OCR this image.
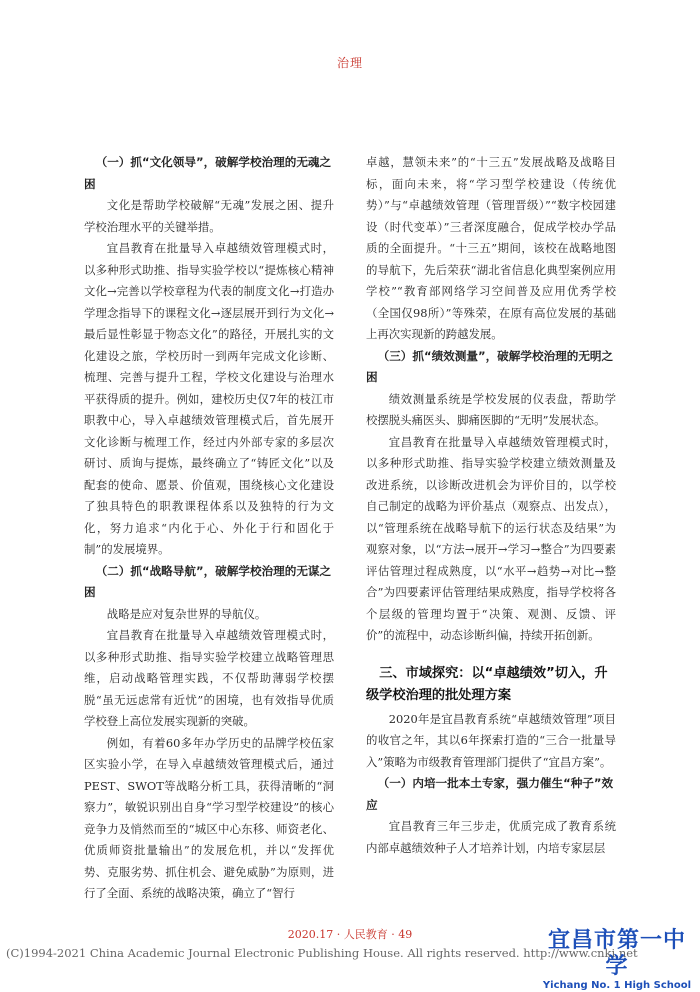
治理
（一）抓“文化领导”，破解学校治理的无魂之困

文化是帮助学校破解“无魂”发展之困、提升学校治理水平的关键举措。

宜昌教育在批量导入卓越绩效管理模式时，以多种形式助推、指导实验学校以“提炼核心精神文化→完善以学校章程为代表的制度文化→打造办学理念指导下的课程文化→逐层展开到行为文化→最后显性彰显于物态文化”的路径，开展扎实的文化建设之旅，学校历时一到两年完成文化诊断、梳理、完善与提升工程，学校文化建设与治理水平获得质的提升。例如，建校历史仅7年的枝江市职教中心，导入卓越绩效管理模式后，首先展开文化诊断与梳理工作，经过内外部专家的多层次研讨、质询与提炼，最终确立了“铸匠文化”以及配套的使命、愿景、价值观，围绕核心文化建设了独具特色的职教课程体系以及独特的行为文化，努力追求“内化于心、外化于行和固化于制”的发展境界。

（二）抓“战略导航”，破解学校治理的无谋之困

战略是应对复杂世界的导航仪。

宜昌教育在批量导入卓越绩效管理模式时，以多种形式助推、指导实验学校建立战略管理思维，启动战略管理实践，不仅帮助薄弱学校摆脱“虽无远虑常有近忧”的困境，也有效指导优质学校登上高位发展实现新的突破。

例如，有着60多年办学历史的品牌学校伍家区实验小学，在导入卓越绩效管理模式后，通过PEST、SWOT等战略分析工具，获得清晰的“洞察力”，敏锐识别出自身“学习型学校建设”的核心竞争力及悄然而至的“城区中心东移、师资老化、优质师资批量输出”的发展危机，并以“发挥优势、克服劣势、抓住机会、避免威胁”为原则，进行了全面、系统的战略决策，确立了“智行

卓越，慧领未来”的“十三五”发展战略及战略目标，面向未来，将“学习型学校建设（传统优势）”与“卓越绩效管理（管理晋级）”“数字校园建设（时代变革）”三者深度融合，促成学校办学品质的全面提升。“十三五”期间，该校在战略地图的导航下，先后荣获“湖北省信息化典型案例应用学校”“教育部网络学习空间普及应用优秀学校（全国仅98所）”等殊荣，在原有高位发展的基础上再次实现新的跨越发展。

（三）抓“绩效测量”，破解学校治理的无明之困

绩效测量系统是学校发展的仪表盘，帮助学校摆脱头痛医头、脚痛医脚的“无明”发展状态。

宜昌教育在批量导入卓越绩效管理模式时，以多种形式助推、指导实验学校建立绩效测量及改进系统，以诊断改进机会为评价目的，以学校自己制定的战略为评价基点（观察点、出发点），以“管理系统在战略导航下的运行状态及结果”为观察对象，以“方法→展开→学习→整合”为四要素评估管理过程成熟度，以“水平→趋势→对比→整合”为四要素评估管理结果成熟度，指导学校将各个层级的管理均置于“决策、观测、反馈、评价”的流程中，动态诊断纠偏，持续开拓创新。

三、市域探究：以“卓越绩效”切入，升级学校治理的批处理方案

2020年是宜昌教育系统“卓越绩效管理”项目的收官之年，其以6年探索打造的“三合一批量导入”策略为市级教育管理部门提供了“宜昌方案”。

（一）内培一批本土专家，强力催生“种子”效应

宜昌教育三年三步走，优质完成了教育系统内部卓越绩效种子人才培养计划，内培专家层层

2020.17 · 人民教育 · 49
(C)1994-2021 China Academic Journal Electronic Publishing House. All rights reserved. http://www.cnki.net
宜昌市第一中学
Yichang No. 1 High School
